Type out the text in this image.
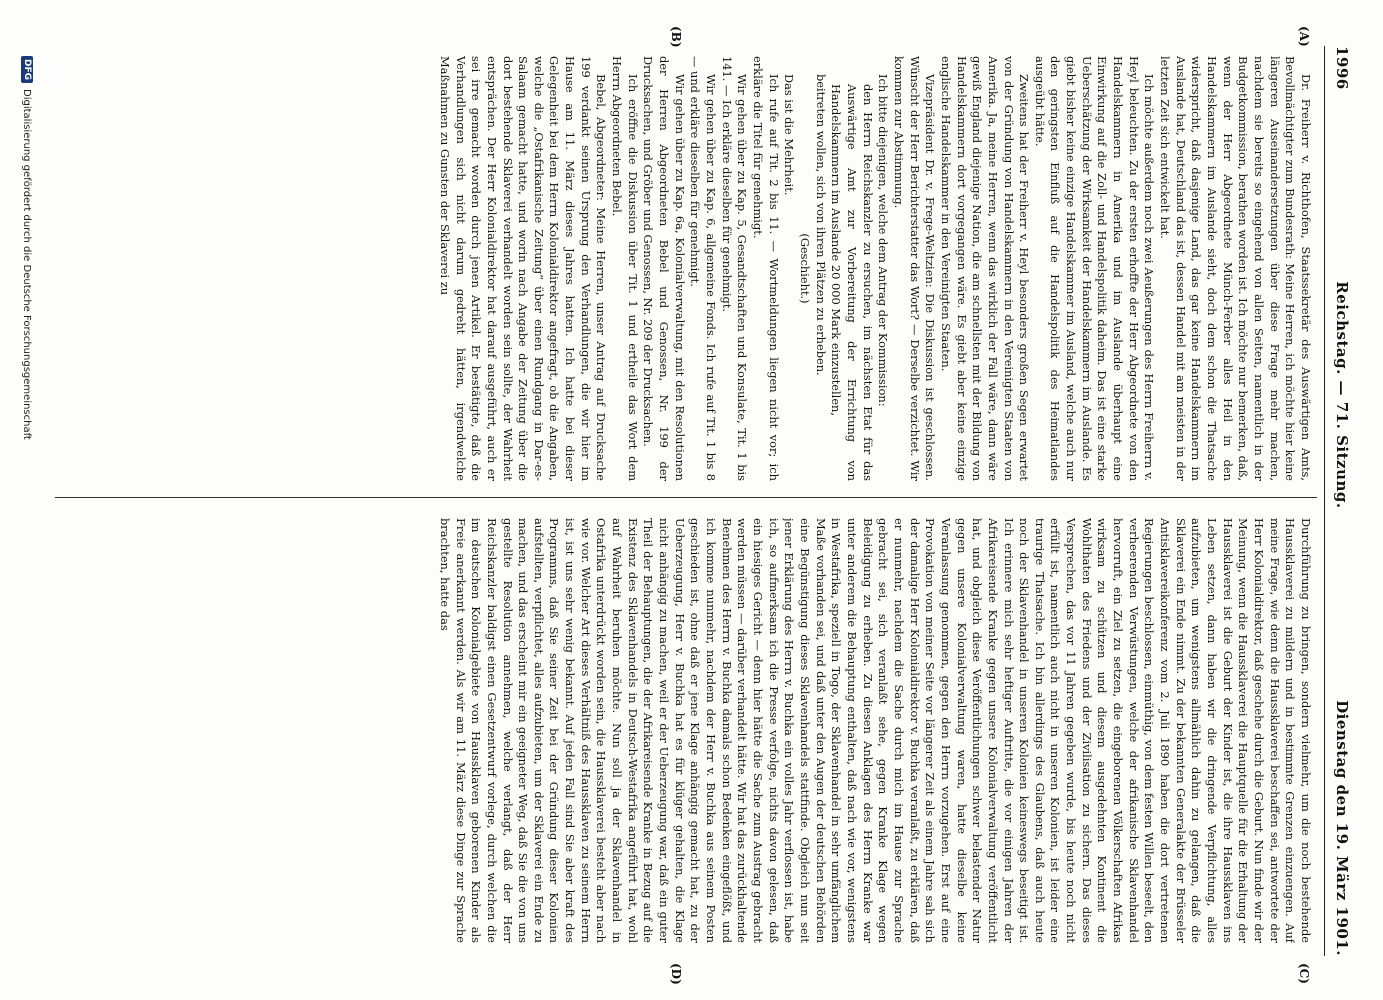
1996
Reichstag. — 71. Sitzung.
Dienstag den 19. März 1901.
(A)
(B)
(C)
(D)

Dr. Freiherr v. Richthofen, Staatssekretär des Auswärtigen Amts, Bevollmächtigter zum Bundesrath: Meine Herren, ich möchte hier keine längeren Auseinandersetzungen über diese Frage mehr machen, nachdem sie bereits so eingehend von allen Seiten, namentlich in der Budgetkommission, berathen worden ist. Ich möchte nur bemerken, daß, wenn der Herr Abgeordnete Münch-Ferber alles Heil in den Handelskammern im Auslande sieht, doch dem schon die Thatsache widerspricht, daß dasjenige Land, das gar keine Handelskammern im Auslande hat, Deutschland das ist, dessen Handel mit am meisten in der letzten Zeit sich entwickelt hat.

Ich möchte außerdem noch zwei Aeußerungen des Herrn Freiherrn v. Heyl beleuchten. Zu der ersten erhoffte der Herr Abgeordnete von den Handelskammern in Amerika und im Auslande überhaupt eine Einwirkung auf die Zoll- und Handelspolitik daheim. Das ist eine starke Ueberschätzung der Wirksamkeit der Handelskammern im Auslande. Es giebt bisher keine einzige Handelskammer im Ausland, welche auch nur den geringsten Einfluß auf die Handelspolitik des Heimatlandes ausgeübt hätte.

Zweitens hat der Freiherr v. Heyl besonders großen Segen erwartet von der Gründung von Handelskammern in den Vereinigten Staaten von Amerika. Ja, meine Herren, wenn das wirklich der Fall wäre, dann wäre gewiß England diejenige Nation, die am schnellsten mit der Bildung von Handelskammern dort vorgegangen wäre. Es giebt aber keine einzige englische Handelskammer in den Vereinigten Staaten.

Vizepräsident Dr. v. Frege-Weltzien: Die Diskussion ist geschlossen. Wünscht der Herr Berichterstatter das Wort? — Derselbe verzichtet. Wir kommen zur Abstimmung.

Ich bitte diejenigen, welche dem Antrag der Kommission:

den Herrn Reichskanzler zu ersuchen, im nächsten Etat für das Auswärtige Amt zur Vorbereitung der Errichtung von Handelskammern im Auslande 20 000 Mark einzustellen,

beitreten wollen, sich von ihren Plätzen zu erheben.

(Geschieht.)

Das ist die Mehrheit.

Ich rufe auf Tit. 2 bis 11. — Wortmeldungen liegen nicht vor; ich erkläre die Titel für genehmigt.

Wir gehen über zu Kap. 5, Gesandtschaften und Konsulate, Tit. 1 bis 141. — Ich erkläre dieselben für genehmigt.

Wir gehen über zu Kap. 6, allgemeine Fonds. Ich rufe auf Tit. 1 bis 8 — und erkläre dieselben für genehmigt.

Wir gehen über zu Kap. 6a, Kolonialverwaltung, mit den Resolutionen der Herren Abgeordneten Bebel und Genossen, Nr. 199 der Drucksachen, und Gröber und Genossen, Nr. 209 der Drucksachen.

Ich eröffne die Diskussion über Tit. 1 und ertheile das Wort dem Herrn Abgeordneten Bebel.

Bebel, Abgeordneter: Meine Herren, unser Antrag auf Drucksache 199 verdankt seinen Ursprung den Verhandlungen, die wir hier im Hause am 11. März dieses Jahres hatten. Ich hatte bei dieser Gelegenheit bei dem Herrn Kolonialdirektor angefragt, ob die Angaben, welche die „Ostafrikanische Zeitung“ über einen Rundgang in Dar-es-Salaam gemacht hatte, und worin nach Angabe der Zeitung über die dort bestehende Sklaverei verhandelt worden sein sollte, der Wahrheit entsprächen. Der Herr Kolonialdirektor hat darauf ausgeführt, auch er sei irre gemacht worden durch jenen Artikel. Er bestätigte, daß die Verhandlungen sich nicht darum gedreht hätten, irgendwelche Maßnahmen zu Gunsten der Sklaverei zu

Durchführung zu bringen, sondern vielmehr, um die noch bestehende Haussklaverei zu mildern und in bestimmte Grenzen einzuengen. Auf meine Frage, wie denn die Haussklaverei beschaffen sei, antwortete der Herr Kolonialdirektor, daß geschehe durch die Geburt. Nun finde wir der Meinung, wenn die Haussklaverei die Hauptquelle für die Erhaltung der Haussklaverei ist die Geburt der Kinder ist, die ihre Haussklaven ins Leben setzen, dann haben wir die dringende Verpflichtung, alles aufzubieten, um wenigstens allmählich dahin zu gelangen, daß die Sklaverei ein Ende nimmt. Zu der bekannten Generalakte der Brüsseler Antisklavereikonferenz vom 2. Juli 1890 haben die dort vertretenen Regierungen beschlossen, einmüthig, von dem festen Willen beseelt, den verheerenden Verwüstungen, welche der afrikanische Sklavenhandel hervorruft, ein Ziel zu setzen, die eingeborenen Völkerschaften Afrikas wirksam zu schützen und diesem ausgedehnten Kontinent die Wohlthaten des Friedens und der Zivilisation zu sichern. Das dieses Versprechen, das vor 11 Jahren gegeben wurde, bis heute noch nicht erfüllt ist, namentlich auch nicht in unseren Kolonien, ist leider eine traurige Thatsache. Ich bin allerdings des Glaubens, daß auch heute noch der Sklavenhandel in unseren Kolonien keineswegs beseitigt ist. Ich erinnere mich sehr heftiger Auftritte, die vor einigen Jahren der Afrikareisende Kranke gegen unsere Kolonialverwaltung veröffentlicht hat, und obgleich diese Veröffentlichungen schwer belastender Natur gegen unsere Kolonialverwaltung waren, hatte dieselbe keine Veranlassung genommen, gegen den Herrn vorzugehen. Erst auf eine Provokation von meiner Seite vor längerer Zeit als einem Jahre sah sich der damalige Herr Kolonialdirektor v. Buchka veranlaßt, zu erklären, daß er nunmehr, nachdem die Sache durch mich im Hause zur Sprache gebracht sei, sich veranlaßt sehe, gegen Kranke Klage wegen Beleidigung zu erheben. Zu diesen Anklagen des Herrn Kranke war unter anderem die Behauptung enthalten, daß nach wie vor, wenigstens in Westafrika, speziell in Togo, der Sklavenhandel in sehr umfänglichem Maße vorhanden sei, und daß unter den Augen der deutschen Behörden eine Begünstigung dieses Sklavenhandels stattfinde. Obgleich nun seit jener Erklärung des Herrn v. Buchka ein volles Jahr verflossen ist, habe ich, so aufmerksam ich die Presse verfolge, nichts davon gelesen, daß ein hiesiges Gericht — denn hier hätte die Sache zum Austrag gebracht werden müssen — darüber verhandelt hätte. Wir hat das zurückhaltende Benehmen des Herrn v. Buchka damals schon Bedenken eingeflößt, und ich komme nunmehr, nachdem der Herr v. Buchka aus seinem Posten geschieden ist, ohne daß er jene Klage anhängig gemacht hat, zu der Ueberzeugung, Herr v. Buchka hat es für klüger gehalten, die Klage nicht anhängig zu machen, weil er der Ueberzeugung war, daß ein guter Theil der Behauptungen, die der Afrikareisende Kranke in Bezug auf die Existenz des Sklavenhandels in Deutsch-Westafrika angeführt hat, wohl auf Wahrheit beruhen möchte. Nun soll ja der Sklavenhandel in Ostafrika unterdrückt worden sein, die Haussklaverei besteht aber nach wie vor. Welcher Art dieses Verhältniß des Haussklaven zu seinem Herrn ist, ist uns sehr wenig bekannt. Auf jeden Fall sind Sie aber kraft des Programms, daß Sie seiner Zeit bei der Gründung dieser Kolonien aufstellten, verpflichtet, alles aufzubieten, um der Sklaverei ein Ende zu machen, und das erscheint mir ein geeigneter Weg, daß Sie die von uns gestellte Resolution annehmen, welche verlangt, daß der Herr Reichskanzler baldigst einen Gesetzentwurf vorlege, durch welchen die im deutschen Kolonialgebiete von Haussklaven geborenen Kinder als Freie anerkannt werden. Als wir am 11. März diese Dinge zur Sprache brachten, hatte das

DFG
Digitalisierung gefördert durch die Deutsche Forschungsgemeinschaft
